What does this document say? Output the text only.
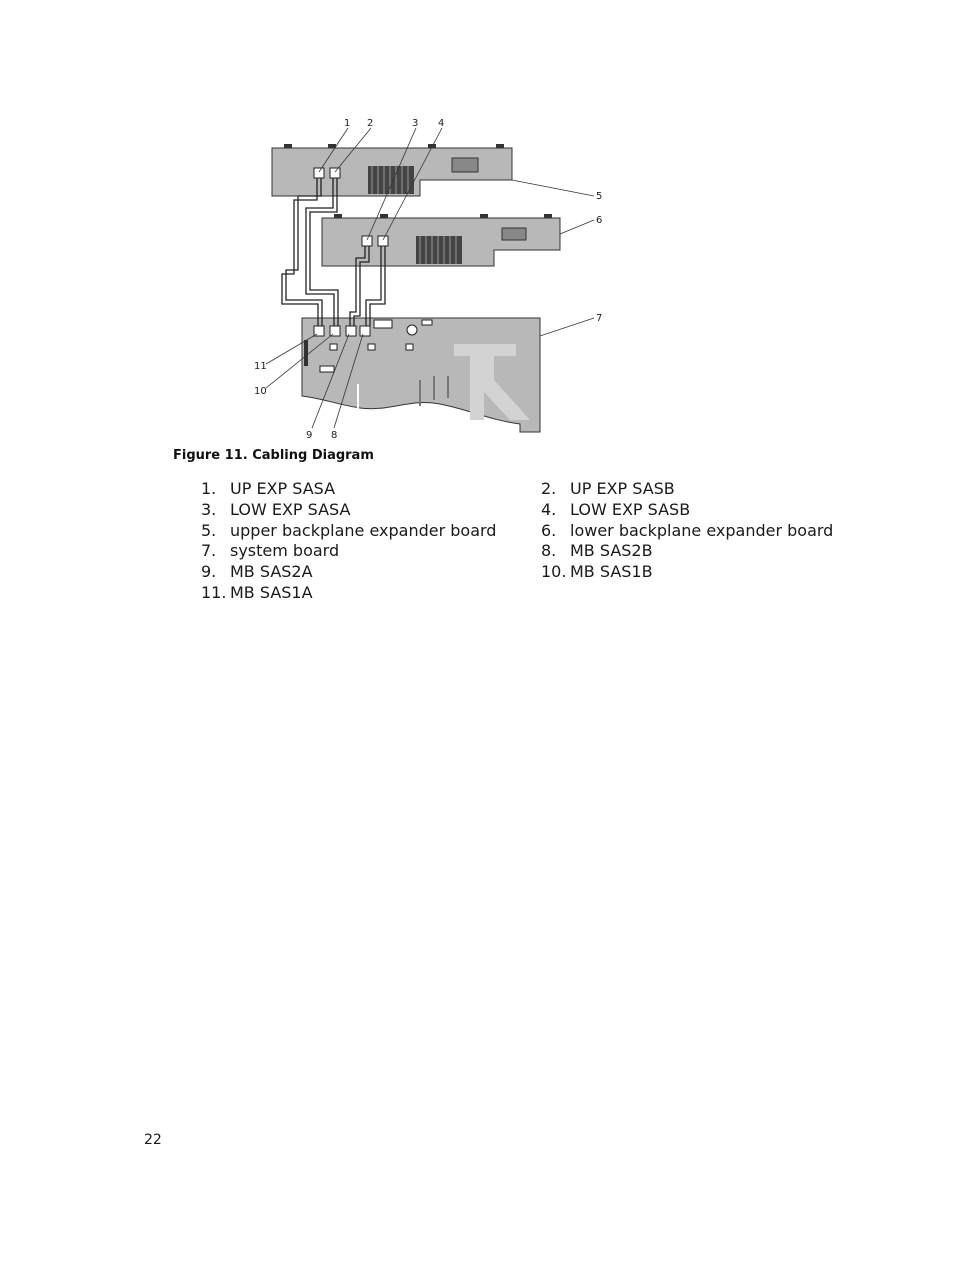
1 2	3 4
5
6
7
8
9
10
11
Figure 11. Cabling Diagram
22
1. UP EXP SASA	2. UP EXP SASB
3. LOW EXP SASA	4. LOW EXP SASB
5. upper backplane expander board	6. lower backplane expander board
7. system board	8. MB SAS2B
9. MB SAS2A	10. MB SAS1B
11. MB SAS1A
